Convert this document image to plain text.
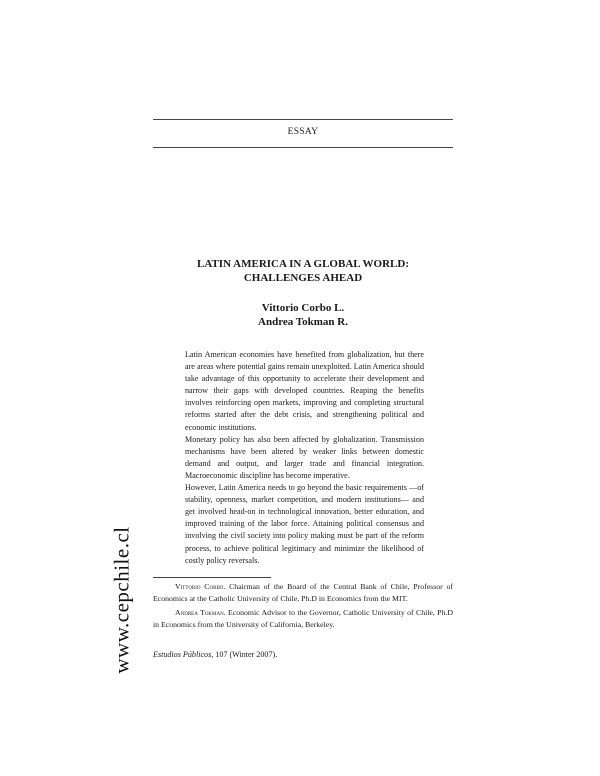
ESSAY
LATIN AMERICA IN A GLOBAL WORLD:
CHALLENGES AHEAD
Vittorio Corbo L.
Andrea Tokman R.

Latin American economies have benefited from globalization, but there are areas where potential gains remain unexploited. Latin America should take advantage of this opportunity to accelerate their development and narrow their gaps with developed countries. Reaping the benefits involves reinforcing open markets, improving and completing structural reforms started after the debt crisis, and strengthening political and economic institutions.

Monetary policy has also been affected by globalization. Transmission mechanisms have been altered by weaker links between domestic demand and output, and larger trade and financial integration. Macroeconomic discipline has become imperative.

However, Latin America needs to go beyond the basic requirements —of stability, openness, market competition, and modern institutions— and get involved head-on in technological innovation, better education, and improved training of the labor force. Attaining political consensus and involving the civil society into policy making must be part of the reform process, to achieve political legitimacy and minimize the likelihood of costly policy reversals.

Vittorio Corbo. Chairman of the Board of the Central Bank of Chile, Professor of Economics at the Catholic University of Chile, Ph.D in Economics from the MIT.
Andrea Tokman. Economic Advisor to the Governor, Catholic University of Chile, Ph.D in Economics from the University of California, Berkeley.
Estudios Públicos, 107 (Winter 2007).
www.cepchile.cl
